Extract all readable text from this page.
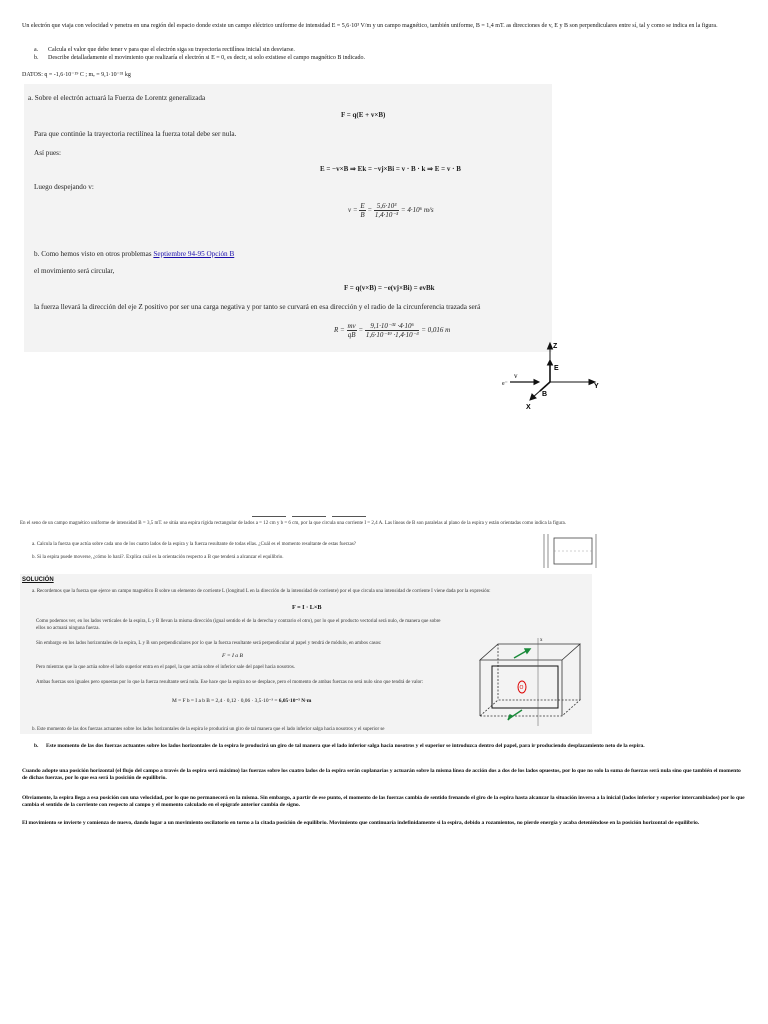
Un electrón que viaja con velocidad v penetra en una región del espacio donde existe un campo eléctrico uniforme de intensidad E = 5,6·10³ V/m y un campo magnético, también uniforme, B = 1,4 mT. as direcciones de v, E y B son perpendiculares entre sí, tal y como se indica en la figura.
a. Calcula el valor que debe tener v para que el electrón siga su trayectoria rectilínea inicial sin desviarse.
b. Describe detalladamente el movimiento que realizaría el electrón si E = 0, es decir, si solo existiese el campo magnético B indicado.
DATOS: q = -1,6·10⁻¹⁹ C ; mₑ = 9,1·10⁻³¹ kg
a. Sobre el electrón actuará la Fuerza de Lorentz generalizada
F = q(E + v×B)
Para que continúe la trayectoria rectilínea la fuerza total debe ser nula.
Así pues:
E = −v×B ⇒ Ek = −vj×Bi = v · B · k ⇒ E = v · B
Luego despejando v:
$v = \frac{E}{B} = \frac{\text{5,6·10³}}{\text{1,4·10⁻³}} = 4\cdot 10^6$ m/s
b. Como hemos visto en otros problemas Septiembre 94-95 Opción B
el movimiento será circular,
F = q(v×B) = −e(vj×Bi) = evBk
la fuerza llevará la dirección del eje Z positivo por ser una carga negativa y por tanto se curvará en esa dirección y el radio de la circunferencia trazada será
$R = \frac{mv}{qB} = \frac{\text{9,1·10⁻³¹ ·4·10⁶}}{\text{1,6·10⁻¹⁹ ·1,4·10⁻³}} = 0,016$ m
Z
E
v
e⁻	Y
B
X
En el seno de un campo magnético uniforme de intensidad B = 3,5 mT. se sitúa una espira rígida rectangular de lados a = 12 cm y b = 6 cm, por la que circula una corriente I = 2,4 A. Las líneas de B son paralelas al plano de la espira y están orientadas como indica la figura.
a. Calcula la fuerza que actúa sobre cada uno de los cuatro lados de la espira y la fuerza resultante de todas ellas. ¿Cuál es el momento resultante de estas fuerzas?
b. Si la espira puede moverse, ¿cómo lo hará?. Explica cuál es la orientación respecto a B que tenderá a alcanzar el equilibrio.
SOLUCIÓN
a. Recordemos que la fuerza que ejerce un campo magnético B sobre un elemento de corriente L (longitud L en la dirección de la intensidad de corriente) por el que circula una intensidad de corriente I viene dada por la expresión:
F = I · L×B
Como podemos ver, en los lados verticales de la espira, L y B llevan la misma dirección (igual sentido el de la derecha y contrario el otro), por lo que el producto vectorial será nulo, de manera que sobre ellos no actuará ninguna fuerza.
Sin embargo en los lados horizontales de la espira, L y B son perpendiculares por lo que la fuerza resultante será perpendicular al papel y tendrá de módulo, en ambos casos:
F = I a B
Pero mientras que la que actúa sobre el lado superior entra en el papel, la que actúa sobre el inferior sale del papel hacia nosotros.
Ambas fuerzas son iguales pero opuestas por lo que la fuerza resultante será nula. Ese hace que la espira no se desplace, pero el momento de ambas fuerzas no será nulo sino que tendrá de valor:
M = F b = I a b B = 2,4 · 0,12 · 0,06 · 3,5·10⁻³ = 6,05·10⁻⁵ N·m
b. Este momento de las dos fuerzas actuantes sobre los lados horizontales de la espira le producirá un giro de tal manera que el lado inferior salga hacia nosotros y el superior se
x
O
b. Este momento de las dos fuerzas actuantes sobre los lados horizontales de la espira le producirá un giro de tal manera que el lado inferior salga hacia nosotros y el superior se introduzca dentro del papel, para ir produciendo desplazamiento neto de la espira.
Cuando adopte una posición horizontal (el flujo del campo a través de la espira será máximo) las fuerzas sobre los cuatro lados de la espira serán coplanarias y actuarán sobre la misma línea de acción dos a dos de los lados opuestos, por lo que no solo la suma de fuerzas será nula sino que también el momento de dichas fuerzas, por lo que esa será la posición de equilibrio.
Obviamente, la espira llega a esa posición con una velocidad, por lo que no permanecerá en la misma. Sin embargo, a partir de ese punto, el momento de las fuerzas cambia de sentido frenando el giro de la espira hasta alcanzar la situación inversa a la inicial (lados inferior y superior intercambiados) por lo que cambia el sentido de la corriente con respecto al campo y el momento calculado en el epígrafe anterior cambia de signo.
El movimiento se invierte y comienza de nuevo, dando lugar a un movimiento oscilatorio en torno a la citada posición de equilibrio. Movimiento que continuaría indefinidamente si la espira, debido a rozamientos, no pierde energía y acaba deteniéndose en la posición horizontal de equilibrio.
